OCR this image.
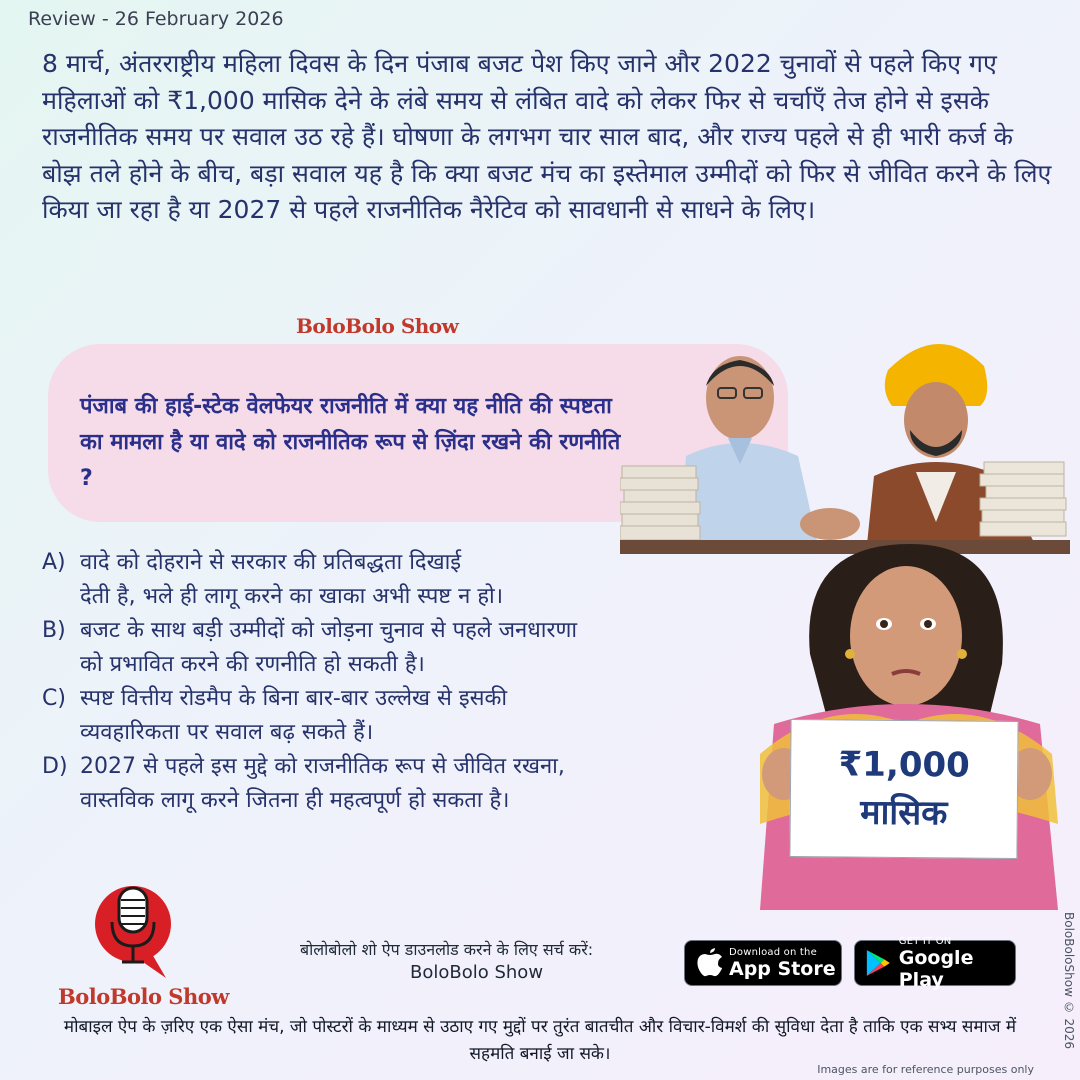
Review - 26 February 2026

8 मार्च, अंतरराष्ट्रीय महिला दिवस के दिन पंजाब बजट पेश किए जाने और 2022 चुनावों से पहले किए गए महिलाओं को ₹1,000 मासिक देने के लंबे समय से लंबित वादे को लेकर फिर से चर्चाएँ तेज होने से इसके राजनीतिक समय पर सवाल उठ रहे हैं। घोषणा के लगभग चार साल बाद, और राज्य पहले से ही भारी कर्ज के बोझ तले होने के बीच, बड़ा सवाल यह है कि क्या बजट मंच का इस्तेमाल उम्मीदों को फिर से जीवित करने के लिए किया जा रहा है या 2027 से पहले राजनीतिक नैरेटिव को सावधानी से साधने के लिए।

BoloBolo Show

पंजाब की हाई-स्टेक वेलफेयर राजनीति में क्या यह नीति की स्पष्टता का मामला है या वादे को राजनीतिक रूप से ज़िंदा रखने की रणनीति ?

A) वादे को दोहराने से सरकार की प्रतिबद्धता दिखाई
देती है, भले ही लागू करने का खाका अभी स्पष्ट न हो।
B) बजट के साथ बड़ी उम्मीदों को जोड़ना चुनाव से पहले जनधारणा
को प्रभावित करने की रणनीति हो सकती है।
C) स्पष्ट वित्तीय रोडमैप के बिना बार-बार उल्लेख से इसकी
व्यवहारिकता पर सवाल बढ़ सकते हैं।
D) 2027 से पहले इस मुद्दे को राजनीतिक रूप से जीवित रखना,
वास्तविक लागू करने जितना ही महत्वपूर्ण हो सकता है।
₹1,000
मासिक
BoloBoloShow © 2026
BoloBolo Show
बोलोबोलो शो ऐप डाउनलोड करने के लिए सर्च करें:
BoloBolo Show
Download on the
App Store
GET IT ON
Google Play

मोबाइल ऐप के ज़रिए एक ऐसा मंच, जो पोस्टरों के माध्यम से उठाए गए मुद्दों पर तुरंत बातचीत और विचार-विमर्श की सुविधा देता है ताकि एक सभ्य समाज में सहमति बनाई जा सके।

Images are for reference purposes only
